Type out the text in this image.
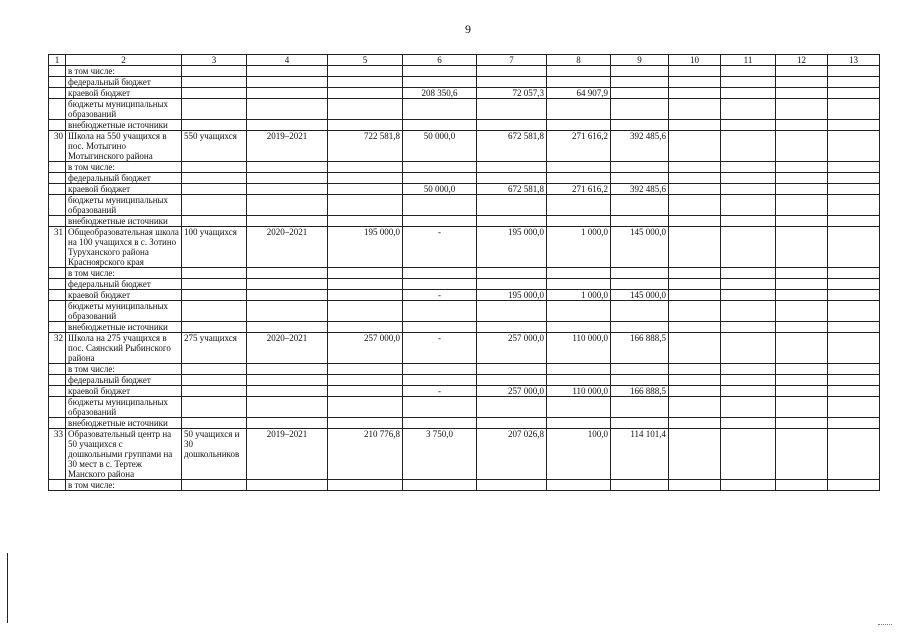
9
1	2	3	4	5	6	7	8	9	10	11	12	13
	в том числе:											
	федеральный бюджет											
	краевой бюджет				208 350,6	72 057,3	64 907,9					
	бюджеты муниципальных образований											
	внебюджетные источники											
30	Школа на 550 учащихся в пос. Мотыгино Мотыгинского района	550 учащихся	2019–2021	722 581,8	50 000,0	672 581,8	271 616,2	392 485,6				
	в том числе:											
	федеральный бюджет											
	краевой бюджет				50 000,0	672 581,8	271 616,2	392 485,6				
	бюджеты муниципальных образований											
	внебюджетные источники											
31	Общеобразовательная школа на 100 учащихся в с. Зотино Туруханского района Красноярского края	100 учащихся	2020–2021	195 000,0	-	195 000,0	1 000,0	145 000,0				
	в том числе:											
	федеральный бюджет											
	краевой бюджет				-	195 000,0	1 000,0	145 000,0				
	бюджеты муниципальных образований											
	внебюджетные источники											
32	Школа на 275 учащихся в пос. Саянский Рыбинского района	275 учащихся	2020–2021	257 000,0	-	257 000,0	110 000,0	166 888,5				
	в том числе:											
	федеральный бюджет											
	краевой бюджет				-	257 000,0	110 000,0	166 888,5				
	бюджеты муниципальных образований											
	внебюджетные источники											
33	Образовательный центр на 50 учащихся с дошкольными группами на 30 мест в с. Тертеж Манского района	50 учащихся и 30 дошкольников	2019–2021	210 776,8	3 750,0	207 026,8	100,0	114 101,4				
	в том числе:											
